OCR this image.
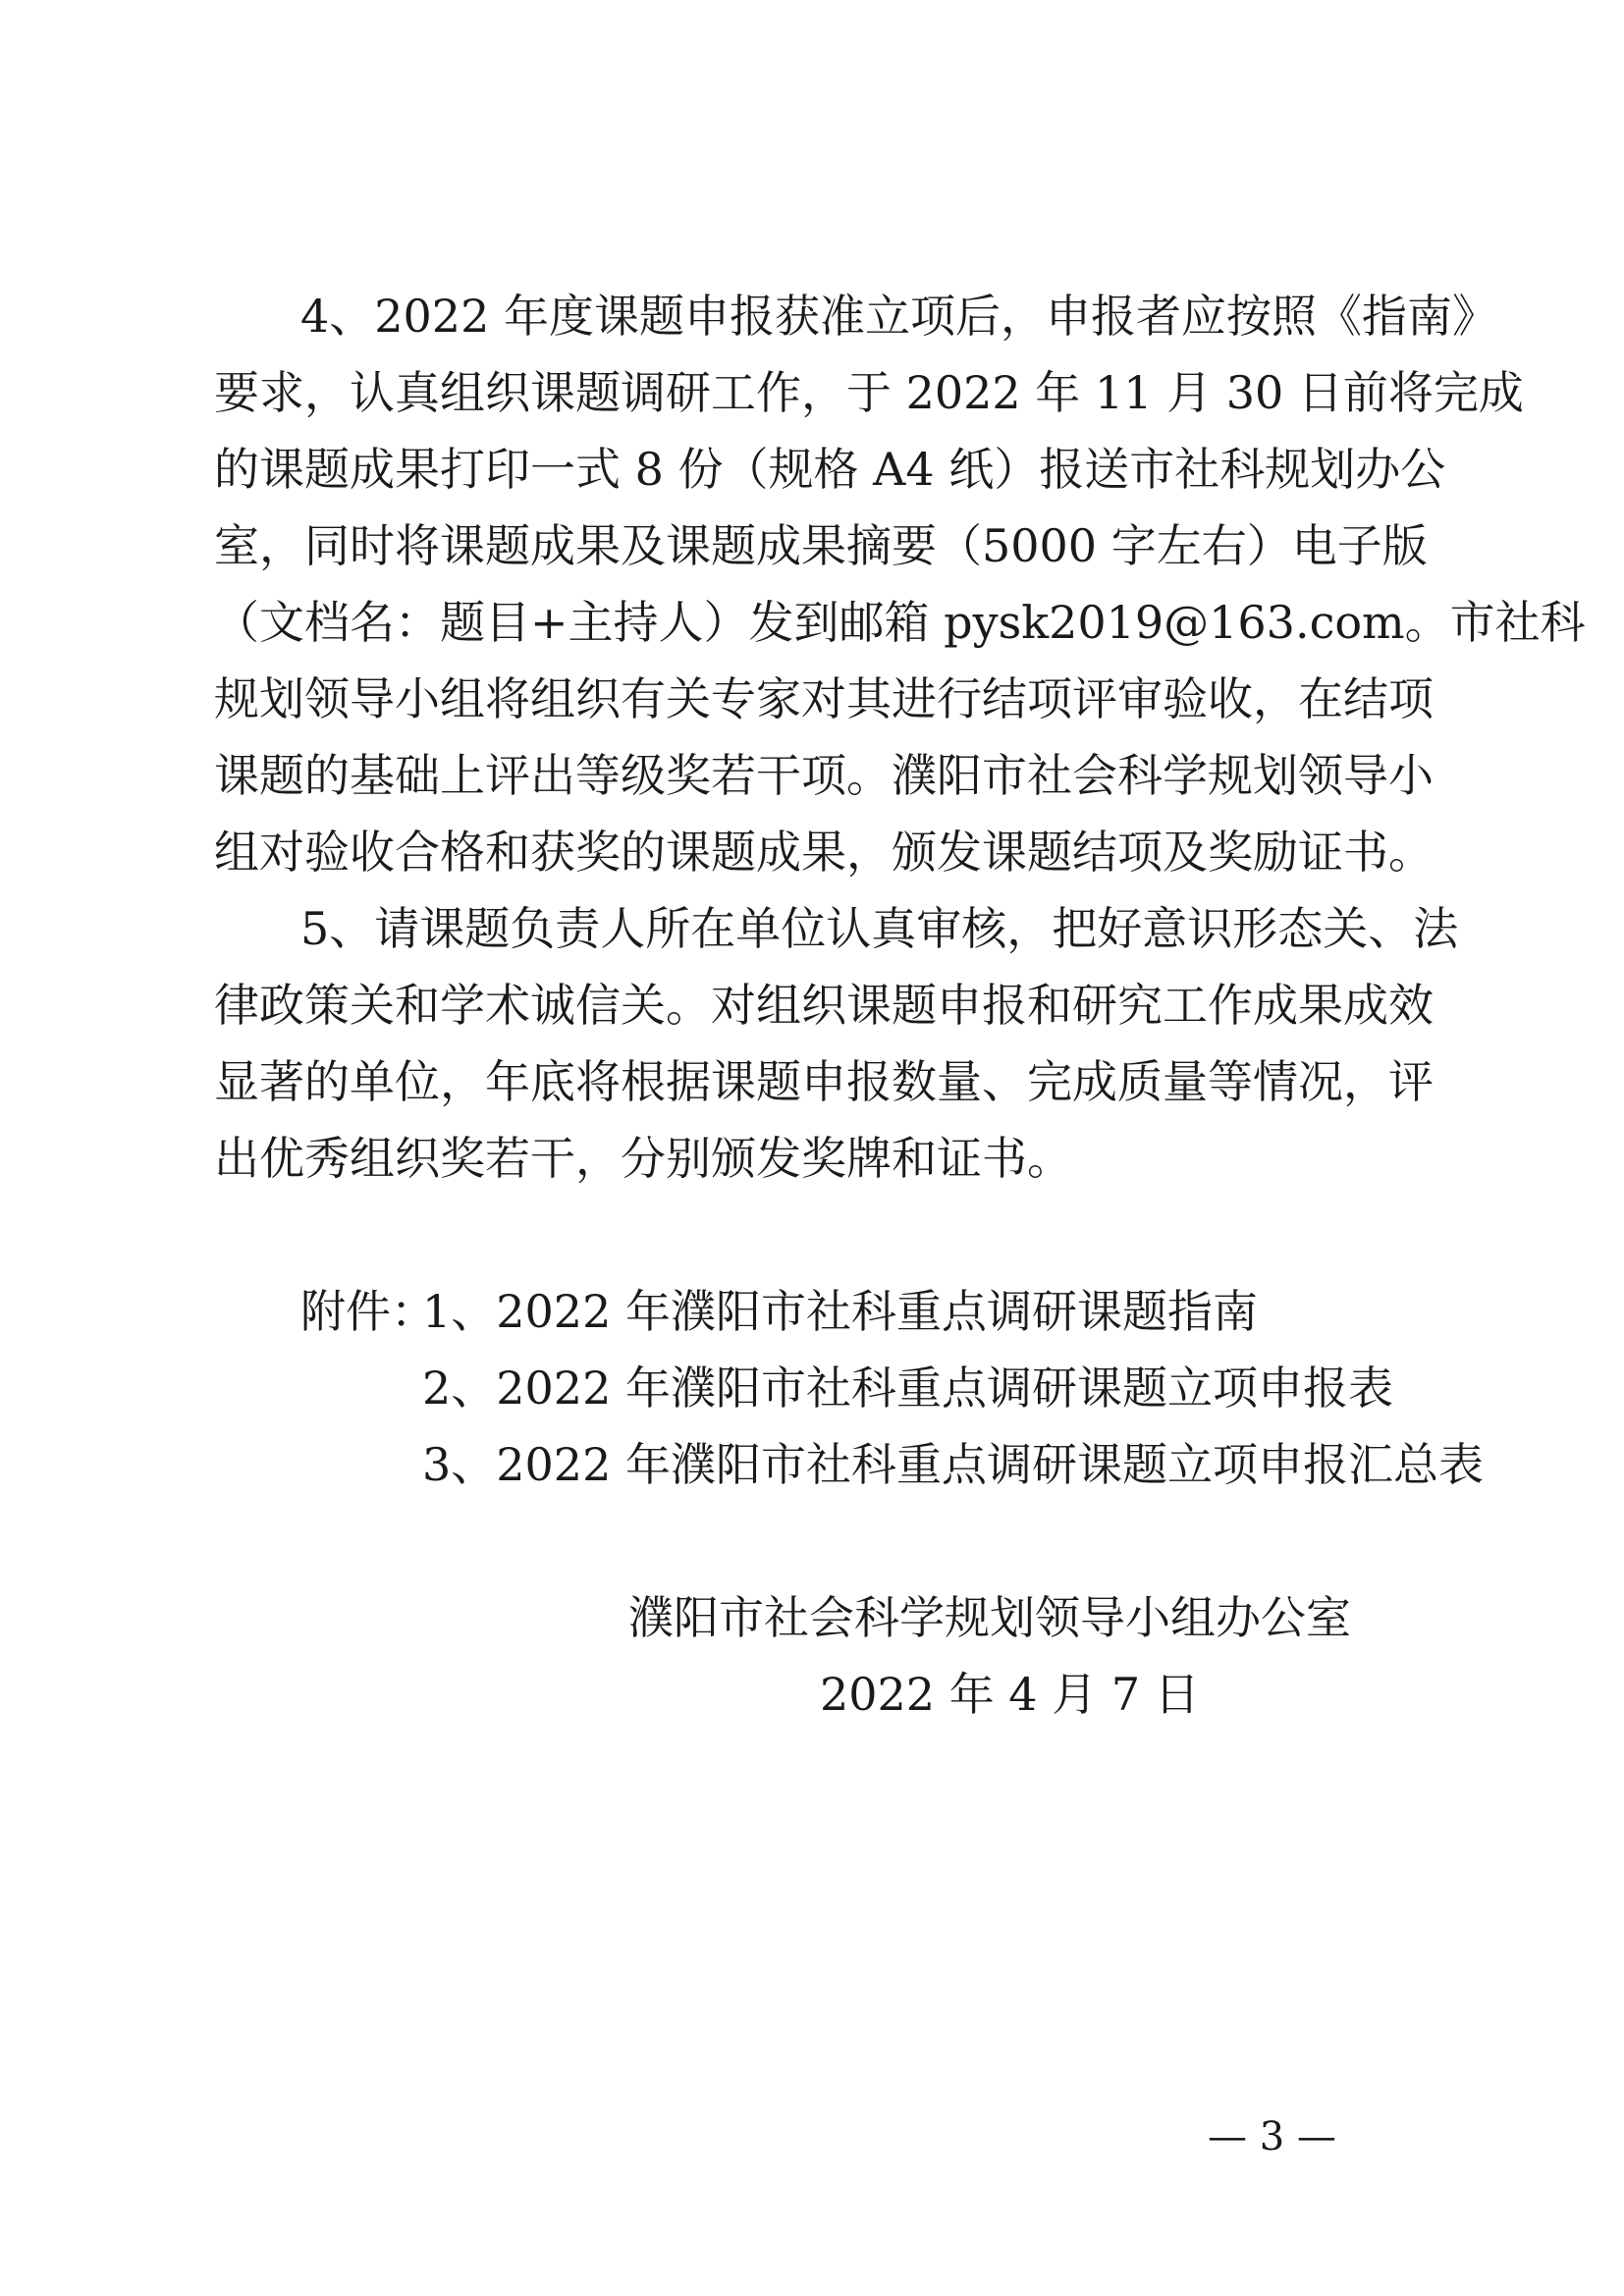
4、2022 年度课题申报获准立项后，申报者应按照《指南》
要求，认真组织课题调研工作，于 2022 年 11 月 30 日前将完成
的课题成果打印一式 8 份（规格 A4 纸）报送市社科规划办公
室，同时将课题成果及课题成果摘要（5000 字左右）电子版
（文档名：题目+主持人）发到邮箱 pysk2019@163.com。市社科
规划领导小组将组织有关专家对其进行结项评审验收，在结项
课题的基础上评出等级奖若干项。濮阳市社会科学规划领导小
组对验收合格和获奖的课题成果，颁发课题结项及奖励证书。
5、请课题负责人所在单位认真审核，把好意识形态关、法
律政策关和学术诚信关。对组织课题申报和研究工作成果成效
显著的单位，年底将根据课题申报数量、完成质量等情况，评
出优秀组织奖若干，分别颁发奖牌和证书。
附件：
1、2022 年濮阳市社科重点调研课题指南
2、2022 年濮阳市社科重点调研课题立项申报表
3、2022 年濮阳市社科重点调研课题立项申报汇总表
濮阳市社会科学规划领导小组办公室
2022 年 4 月 7 日
— 3 —
